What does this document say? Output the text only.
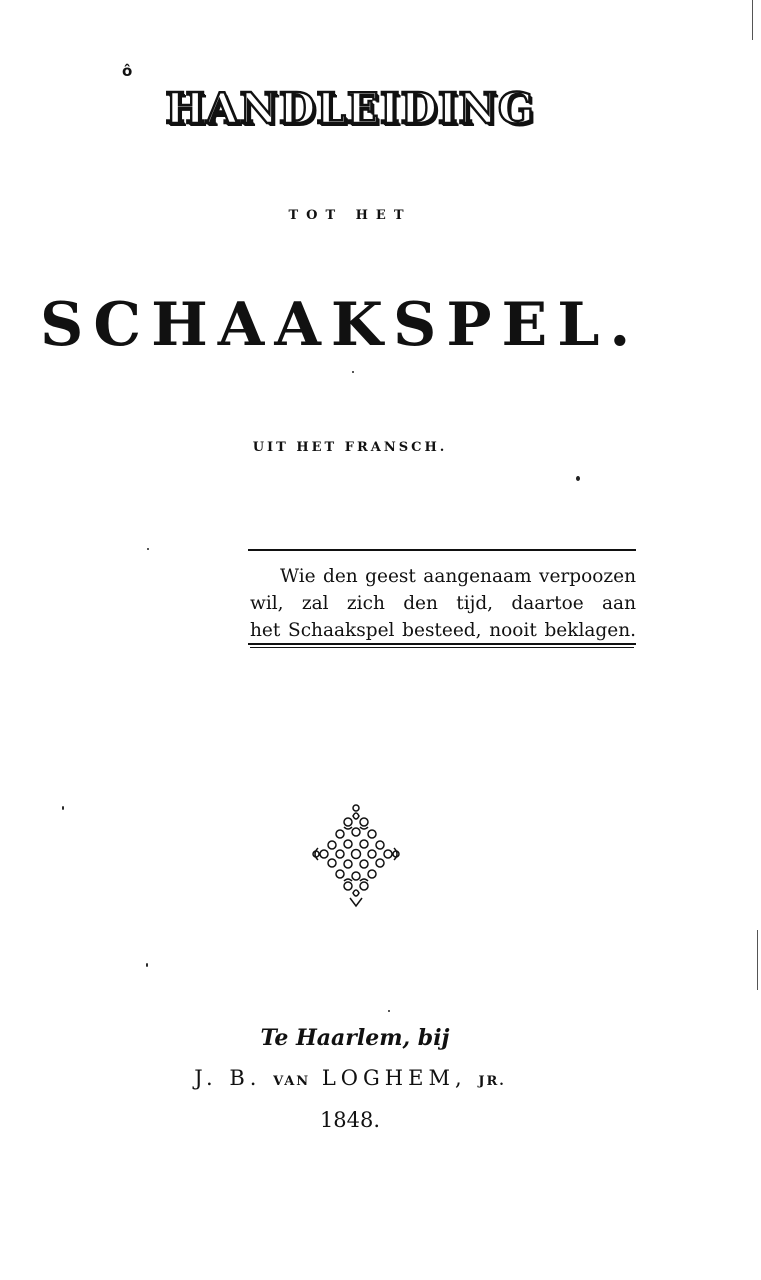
ô
HANDLEIDING
TOT HET
SCHAAKSPEL.
UIT HET FRANSCH.
Wie den geest aangenaam verpoozen
wil, zal zich den tijd, daartoe aan
het Schaakspel besteed, nooit beklagen.
Te Haarlem, bij
J. B. VAN LOGHEM, JR.
1848.
